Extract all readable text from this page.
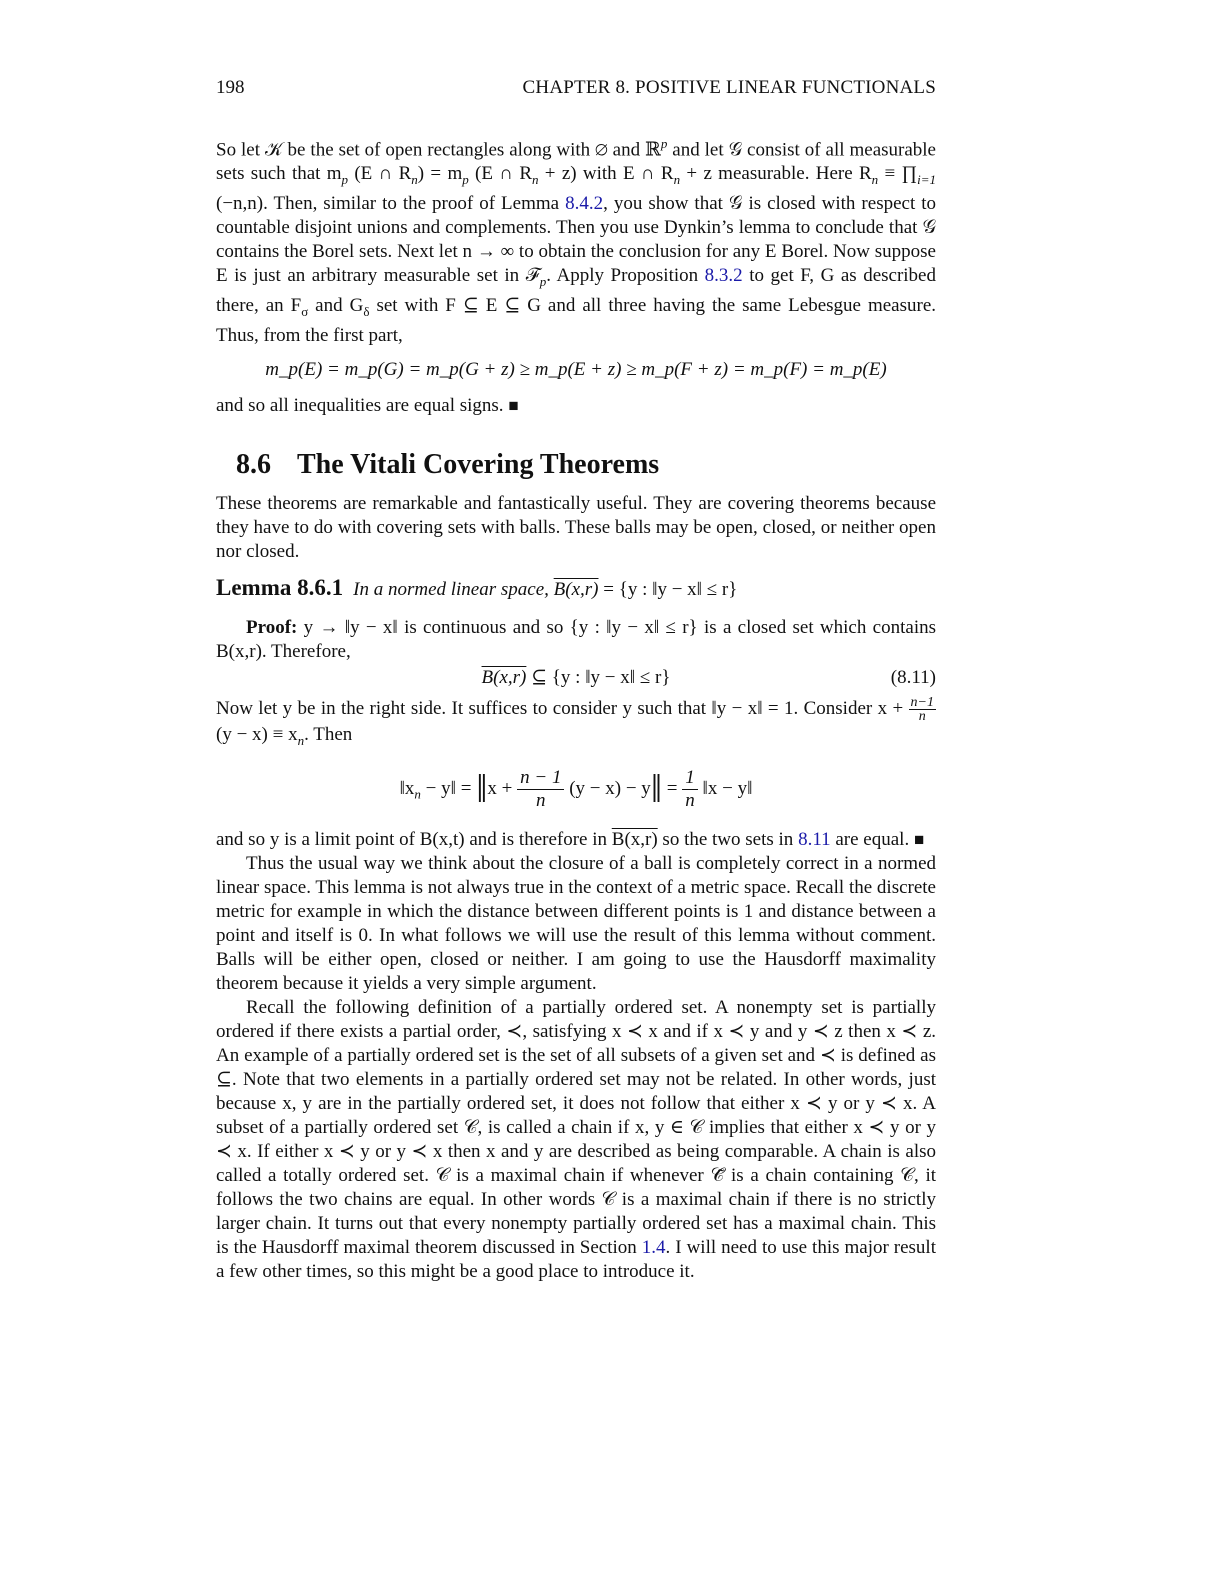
198	CHAPTER 8. POSITIVE LINEAR FUNCTIONALS

So let 𝒦 be the set of open rectangles along with ∅ and ℝ$^p$ and let 𝒢 consist of all measurable sets such that $m_p$ (E ∩ $R_n) = m_p$ (E ∩ $R_n + z$) with E ∩ $R_n + z$ measurable. Here $R_n$ ≡ $\prod_{i=1}$ (−n,n). Then, similar to the proof of Lemma 8.4.2, you show that 𝒢 is closed with respect to countable disjoint unions and complements. Then you use Dynkin’s lemma to conclude that 𝒢 contains the Borel sets. Next let n → ∞ to obtain the conclusion for any E Borel. Now suppose E is just an arbitrary measurable set in ℱ$_p$. Apply Proposition 8.3.2 to get F, G as described there, an $F_\sigma$ and $G_\delta$ set with F ⊆ E ⊆ G and all three having the same Lebesgue measure. Thus, from the first part,

m_p(E) = m_p(G) = m_p(G + z) ≥ m_p(E + z) ≥ m_p(F + z) = m_p(F) = m_p(E)

and so all inequalities are equal signs. ■

8.6 The Vitali Covering Theorems

These theorems are remarkable and fantastically useful. They are covering theorems because they have to do with covering sets with balls. These balls may be open, closed, or neither open nor closed.

Lemma 8.6.1 In a normed linear space, B(x,r) = {y : ‖y − x‖ ≤ r}

Proof: y → ‖y − x‖ is continuous and so {y : ‖y − x‖ ≤ r} is a closed set which contains B(x,r). Therefore,

B(x,r) ⊆ {y : ‖y − x‖ ≤ r}	(8.11)

Now let y be in the right side. It suffices to consider y such that ‖y − x‖ = 1. Consider $x + \frac{n-1}{n}$
$(y - x) \equiv x_n$. Then

$‖x_n$ − y‖ = ‖x + $\frac{n - 1}{n} (y - x)$ − y‖ = $\frac{1}{n}$ ‖x − y‖

and so y is a limit point of B(x,t) and is therefore in B(x,r) so the two sets in 8.11 are equal. ■

Thus the usual way we think about the closure of a ball is completely correct in a normed linear space. This lemma is not always true in the context of a metric space. Recall the discrete metric for example in which the distance between different points is 1 and distance between a point and itself is 0. In what follows we will use the result of this lemma without comment. Balls will be either open, closed or neither. I am going to use the Hausdorff maximality theorem because it yields a very simple argument.

Recall the following definition of a partially ordered set. A nonempty set is partially ordered if there exists a partial order, ≺, satisfying x ≺ x and if x ≺ y and y ≺ z then x ≺ z. An example of a partially ordered set is the set of all subsets of a given set and ≺ is defined as ⊆. Note that two elements in a partially ordered set may not be related. In other words, just because x, y are in the partially ordered set, it does not follow that either x ≺ y or y ≺ x. A subset of a partially ordered set 𝒞, is called a chain if x, y ∈ 𝒞 implies that either x ≺ y or y ≺ x. If either x ≺ y or y ≺ x then x and y are described as being comparable. A chain is also called a totally ordered set. 𝒞 is a maximal chain if whenever 𝒞̃ is a chain containing 𝒞, it follows the two chains are equal. In other words 𝒞 is a maximal chain if there is no strictly larger chain. It turns out that every nonempty partially ordered set has a maximal chain. This is the Hausdorff maximal theorem discussed in Section 1.4. I will need to use this major result a few other times, so this might be a good place to introduce it.
